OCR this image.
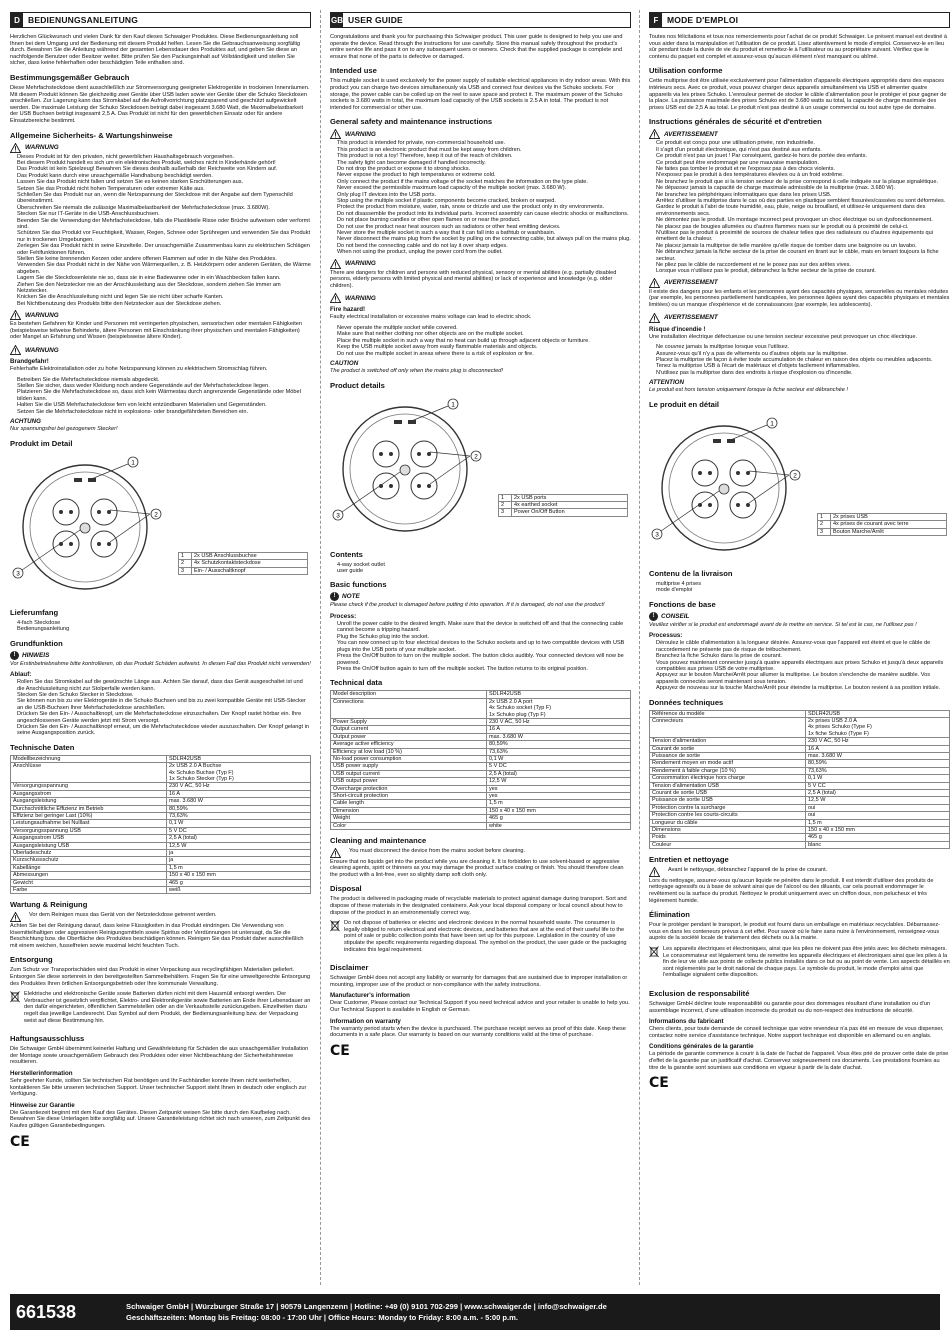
D BEDIENUNGSANLEITUNG

Herzlichen Glückwunsch und vielen Dank für den Kauf dieses Schwaiger Produktes. Diese Bedienungsanleitung soll Ihnen bei dem Umgang und der Bedienung mit diesem Produkt helfen. Lesen Sie die Gebrauchsanweisung sorgfältig durch. Bewahren Sie die Anleitung während der gesamten Lebensdauer des Produktes auf, und geben Sie diese an nachfolgende Benutzer oder Besitzer weiter. Bitte prüfen Sie den Packungsinhalt auf Vollständigkeit und stellen Sie sicher, dass keine fehlerhaften oder beschädigten Teile enthalten sind.

Bestimmungsgemäßer Gebrauch

Diese Mehrfachsteckdose dient ausschließlich zur Stromversorgung geeigneter Elektrogeräte in trockenen Innenräumen. Mit diesem Produkt können Sie gleichzeitig zwei Geräte über USB laden sowie vier Geräte über die Schuko Steckdosen anschließen. Zur Lagerung kann das Stromkabel auf die Aufrollvorrichtung platzsparend und geschützt aufgewickelt werden. Die maximale Leistung der Schuko Steckdosen beträgt dabei insgesamt 3.680 Watt, die Maximalbelastbarkeit der USB Buchsen beträgt insgesamt 2,5 A. Das Produkt ist nicht für den gewerblichen Einsatz oder für andere Einsatzbereiche bestimmt.

Allgemeine Sicherheits- & Wartungshinweise
WARNUNG
• Dieses Produkt ist für den privaten, nicht gewerblichen Haushaltsgebrauch vorgesehen.
• Bei diesem Produkt handelt es sich um ein elektronisches Produkt, welches nicht in Kinderhände gehört!
• Das Produkt ist kein Spielzeug! Bewahren Sie dieses deshalb außerhalb der Reichweite von Kindern auf.
• Das Produkt kann durch eine unsachgemäße Handhabung beschädigt werden.
• Lassen Sie das Produkt nicht fallen und setzen Sie es keinen starken Erschütterungen aus.
• Setzen Sie das Produkt nicht hohen Temperaturen oder extremer Kälte aus.
• Schließen Sie das Produkt nur an, wenn die Netzspannung der Steckdose mit der Angabe auf dem Typenschild übereinstimmt.
• Überschreiten Sie niemals die zulässige Maximalbelastbarkeit der Mehrfachsteckdose (max. 3.680W).
• Stecken Sie nur IT-Geräte in die USB-Anschlussbuchsen.
• Beenden Sie die Verwendung der Mehrfachsteckdose, falls die Plastikteile Risse oder Brüche aufweisen oder verformt sind.
• Schützen Sie das Produkt vor Feuchtigkeit, Wasser, Regen, Schnee oder Sprühregen und verwenden Sie das Produkt nur in trockenen Umgebungen.
• Zerlegen Sie das Produkt nicht in seine Einzelteile. Der unsachgemäße Zusammenbau kann zu elektrischen Schlägen oder Fehlfunktionen führen.
• Stellen Sie keine brennenden Kerzen oder andere offenen Flammen auf oder in die Nähe des Produktes.
• Verwenden Sie das Produkt nicht in der Nähe von Wärmequellen, z. B. Heizkörpern oder anderen Geräten, die Wärme abgeben.
• Lagern Sie die Steckdosenleiste nie so, dass sie in eine Badewanne oder in ein Waschbecken fallen kann.
• Ziehen Sie den Netzstecker nie an der Anschlussleitung aus der Steckdose, sondern ziehen Sie immer am Netzstecker.
• Knicken Sie die Anschlussleitung nicht und legen Sie sie nicht über scharfe Kanten.
• Bei Nichtbenutzung des Produkts bitte den Netzstecker aus der Steckdose ziehen.
WARNUNG

Es bestehen Gefahren für Kinder und Personen mit verringerten physischen, sensorischen oder mentalen Fähigkeiten (beispielsweise teilweise Behinderte, ältere Personen mit Einschränkung ihrer physischen und mentalen Fähigkeiten) oder Mangel an Erfahrung und Wissen (beispielsweise ältere Kinder).

WARNUNG
Brandgefahr!

Fehlerhafte Elektroinstallation oder zu hohe Netzspannung können zu elektrischem Stromschlag führen.

• Betreiben Sie die Mehrfachsteckdose niemals abgedeckt.
• Stellen Sie sicher, dass weder Kleidung noch andere Gegenstände auf der Mehrfachsteckdose liegen.
• Platzieren Sie die Mehrfachsteckdose so, dass sich kein Wärmestau durch angrenzende Gegenstände oder Möbel bilden kann.
• Halten Sie die USB Mehrfachsteckdose fern von leicht entzündbaren Materialien und Gegenständen.
• Setzen Sie die Mehrfachsteckdose nicht in explosions- oder brandgefährdeten Bereichen ein.
ACHTUNG

Nur spannungsfrei bei gezogenem Stecker!

Produkt im Detail
1
2
3
1	2x USB Anschlussbuchse
2	4x Schutzkontaktsteckdose
3	Ein- / Ausschaltknopf
Lieferumfang
• 4-fach Steckdose
• Bedienungsanleitung
Grundfunktion
!	HINWEIS

Vor Erstinbetriebnahme bitte kontrollieren, ob das Produkt Schäden aufweist. In diesen Fall das Produkt nicht verwenden!

Ablauf:
• Rollen Sie das Stromkabel auf die gewünschte Länge aus. Achten Sie darauf, dass das Gerät ausgeschaltet ist und die Anschlussleitung nicht zur Stolperfalle werden kann.
• Stecken Sie den Schuko Stecker in Steckdose.
• Sie können nun bis zu vier Elektrogeräte in die Schuko Buchsen und bis zu zwei kompatible Geräte mit USB-Stecker an die USB-Buchsen Ihrer Mehrfachsteckdose anschließen.
• Drücken Sie den Ein- / Ausschaltknopf, um die Mehrfachsteckdose einzuschalten. Der Knopf rastet hörbar ein. Ihre angeschlossenen Geräte werden jetzt mit Strom versorgt.
• Drücken Sie den Ein- / Ausschaltknopf erneut, um die Mehrfachsteckdose wieder auszuschalten. Der Knopf gelangt in seine Ausgangsposition zurück.
Technische Daten
Modellbezeichnung	SDLR42USB
Anschlüsse	2x USB 2.0 A Buchse
4x Schuko Buchse (Typ F)
1x Schuko Stecker (Typ F)
Versorgungsspannung	230 V AC, 50 Hz
Ausgangsstrom	16 A
Ausgangsleistung	max. 3.680 W
Durchschnittliche Effizienz im Betrieb	80,59%
Effizienz bei geringer Last (10%)	73,63%
Leistungsaufnahme bei Nulllast	0,1 W
Versorgungsspannung USB	5 V DC
Ausgangsstrom USB	2,5 A (total)
Ausgangsleistung USB	12,5 W
Überladeschutz	ja
Kurzschlussschutz	ja
Kabellänge	1,5 m
Abmessungen	150 x 40 x 150 mm
Gewicht	465 g
Farbe	weiß
Wartung & Reinigung

Vor dem Reinigen muss das Gerät von der Netzsteckdose getrennt werden.

Achten Sie bei der Reinigung darauf, dass keine Flüssigkeiten in das Produkt eindringen. Die Verwendung von lösemittelhaltigen oder aggressiven Reinigungsmitteln sowie Spiritus oder Verdünnungen ist untersagt, da Sie die Beschichtung bzw. die Oberfläche des Produktes beschädigen können. Reinigen Sie das Produkt daher ausschließlich mit einem weichen, fusselfreien sowie maximal leicht feuchten Tuch.

Entsorgung

Zum Schutz vor Transportschäden wird das Produkt in einer Verpackung aus recyclingfähigen Materialien geliefert. Entsorgen Sie diese sortenrein in den bereitgestellten Sammelbehältern. Fragen Sie für eine umweltgerechte Entsorgung des Produktes Ihren örtlichen Entsorgungsbetrieb oder Ihre kommunale Verwaltung.

Elektrische und elektronische Geräte sowie Batterien dürfen nicht mit dem Hausmüll entsorgt werden. Der Verbraucher ist gesetzlich verpflichtet, Elektro- und Elektronikgeräte sowie Batterien am Ende ihrer Lebensdauer an den dafür eingerichteten, öffentlichen Sammelstellen oder an die Verkaufsstelle zurückzugeben. Einzelheiten dazu regelt das jeweilige Landesrecht. Das Symbol auf dem Produkt, der Bedienungsanleitung bzw. der Verpackung weist auf diese Bestimmung hin.

Haftungsausschluss

Die Schwaiger GmbH übernimmt keinerlei Haftung und Gewährleistung für Schäden die aus unsachgemäßer Installation der Montage sowie unsachgemäßem Gebrauch des Produktes oder einer Nichtbeachtung der Sicherheitshinweise resultieren.

Herstellerinformation

Sehr geehrter Kunde, sollten Sie technischen Rat benötigen und Ihr Fachhändler konnte Ihnen nicht weiterhelfen, kontaktieren Sie bitte unseren technischen Support. Unser technischer Support steht Ihnen in deutsch oder englisch zur Verfügung.

Hinweise zur Garantie

Die Garantiezeit beginnt mit dem Kauf des Gerätes. Diesen Zeitpunkt weisen Sie bitte durch den Kaufbeleg nach. Bewahren Sie diese Unterlagen bitte sorgfältig auf. Unsere Garantieleistung richtet sich nach unseren, zum Zeitpunkt des Kaufes gültigen Garantiebedingungen.

CE
GB USER GUIDE

Congratulations and thank you for purchasing this Schwaiger product. This user guide is designed to help you use and operate the device. Read through the instructions for use carefully. Store this manual safely throughout the product's entire service life and pass it on to any subsequent users or owners. Check that the supplied package is complete and ensure that none of the parts is defective or damaged.

Intended use

This multiple socket is used exclusively for the power supply of suitable electrical appliances in dry indoor areas. With this product you can charge two devices simultaneously via USB and connect four devices via the Schuko sockets. For storage, the power cable can be coiled up on the reel to save space and protect it. The maximum power of the Schuko sockets is 3.680 watts in total, the maximum load capacity of the USB sockets is 2.5 A in total. The product is not intended for commercial or other use.

General safety and maintenance instructions
WARNING
• This product is intended for private, non-commercial household use.
• This product is an electronic product that must be kept away from children.
• This product is not a toy! Therefore, keep it out of the reach of children.
• The safety light can become damaged if handled incorrectly.
• Do not drop the product or expose it to strong shocks.
• Never expose the product to high temperatures or extreme cold.
• Only connect the product if the mains voltage of the socket matches the information on the type plate.
• Never exceed the permissible maximum load capacity of the multiple socket (max. 3.680 W).
• Only plug IT devices into the USB ports.
• Stop using the multiple socket if plastic components become cracked, broken or warped.
• Protect the product from moisture, water, rain, snow or drizzle and use the product only in dry environments.
• Do not disassemble the product into its individual parts. Incorrect assembly can cause electric shocks or malfunctions.
• Do not place burning candles or other open flames on or near the product.
• Do not use the product near heat sources such as radiators or other heat emitting devices.
• Never store the multiple socket in such a way that it can fall into a bathtub or washbasin.
• Never disconnect the mains plug from the socket by pulling on the connecting cable, but always pull on the mains plug.
• Do not bend the connecting cable and do not lay it over sharp edges.
• When not using the product, unplug the power cord from the outlet.
WARNING

There are dangers for children and persons with reduced physical, sensory or mental abilities (e.g. partially disabled persons, elderly persons with limited physical and mental abilities) or lack of experience and knowledge (e.g. older children).

WARNING
Fire hazard!

Faulty electrical installation or excessive mains voltage can lead to electric shock.

• Never operate the multiple socket while covered.
• Make sure that neither clothing nor other objects are on the multiple socket.
• Place the multiple socket in such a way that no heat can build up through adjacent objects or furniture.
• Keep the USB multiple socket away from easily flammable materials and objects.
• Do not use the multiple socket in areas where there is a risk of explosion or fire.
CAUTION

The product is switched off only when the mains plug is disconnected!

Product details
1
2
3
1	2x USB ports
2	4x earthed socket
3	Power On/Off Button
Contents
• 4-way socket outlet
• user guide
Basic functions
!	NOTE

Please check if the product is damaged before putting it into operation. If it is damaged, do not use the product!

Process:
• Unroll the power cable to the desired length. Make sure that the device is switched off and that the connecting cable cannot become a tripping hazard.
• Plug the Schuko plug into the socket.
• You can now connect up to four electrical devices to the Schuko sockets and up to two compatible devices with USB plugs into the USB ports of your multiple socket.
• Press the On/Off button to turn on the multiple socket. The button clicks audibly. Your connected devices will now be powered.
• Press the On/Off button again to turn off the multiple socket. The button returns to its original position.
Technical data
Model description	SDLR42USB
Connections	2x USB 2.0 A port
4x Schuko socket (Typ F)
1x Schuko plug (Typ F)
Power Supply	230 V AC, 50 Hz
Output current	16 A
Output power	max. 3.680 W
Average active efficiency	80,59%
Efficiency at low load (10 %)	73,63%
No-load power consumption	0,1 W
USB power supply	5 V DC
USB output current	2,5 A (total)
USB output power	12,5 W
Overcharge protection	yes
Short-circuit protection	yes
Cable length	1,5 m
Dimension	150 x 40 x 150 mm
Weight	465 g
Color	white
Cleaning and maintenance

You must disconnect the device from the mains socket before cleaning.

Ensure that no liquids get into the product while you are cleaning it. It is forbidden to use solvent-based or aggressive cleaning agents, spirit or thinners as you may damage the product surface coating or finish. You should therefore clean the product with a lint-free, ever so slightly damp soft cloth only.

Disposal

The product is delivered in packaging made of recyclable materials to protect against damage during transport. Sort and dispose of these materials in the designated containers. Ask your local disposal company or local council about how to dispose of the product in an environmentally correct way.

Do not dispose of batteries or electric and electronic devices in the normal household waste. The consumer is legally obliged to return electrical and electronic devices, and batteries that are at the end of their useful life to the point of sale or public collection points that have been set up for this purpose. Legislation in the country of use stipulate the specific requirements regarding disposal. The symbol on the product, the user guide or the packaging indicates this legal requirement.

Disclaimer

Schwaiger GmbH does not accept any liability or warranty for damages that are sustained due to improper installation or mounting, improper use of the product or non-compliance with the safety instructions.

Manufacturer's information

Dear Customer, Please contact our Technical Support if you need technical advice and your retailer is unable to help you. Our Technical Support is available in English or German.

Information on warranty

The warranty period starts when the device is purchased. The purchase receipt serves as proof of this date. Keep these documents in a safe place. Our warranty is based on our warranty conditions valid at the time of purchase.

CE
F	MODE D'EMPLOI

Toutes nos félicitations et tous nos remerciements pour l'achat de ce produit Schwaiger. Le présent manuel est destiné à vous aider dans la manipulation et l'utilisation de ce produit. Lisez attentivement le mode d'emploi. Conservez-le en lieu sûr pendant toute la durée de vie du produit et remettez-le à l'utilisateur ou au propriétaire suivant. Vérifiez que le contenu du paquet est complet et assurez-vous qu'aucun élément n'est manquant ou abîmé.

Utilisation conforme

Cette multiprise doit être utilisée exclusivement pour l'alimentation d'appareils électriques appropriés dans des espaces intérieurs secs. Avec ce produit, vous pouvez charger deux appareils simultanément via USB et alimenter quatre appareils via les prises Schuko. L'enrouleur permet de stocker le câble d'alimentation pour le protéger et pour gagner de la place. La puissance maximale des prises Schuko est de 3.680 watts au total, la capacité de charge maximale des prises USB est de 2,5 A au total. Le produit n'est pas destiné à un usage commercial ou tout autre type de domaine.

Instructions générales de sécurité et d'entretien
AVERTISSEMENT
• Ce produit est conçu pour une utilisation privée, non industrielle.
• Il s'agit d'un produit électronique, qui n'est pas destiné aux enfants.
• Ce produit n'est pas un jouet ! Par conséquent, gardez-le hors de portée des enfants.
• Ce produit peut être endommagé par une mauvaise manipulation.
• Ne faites pas tomber le produit et ne l'exposez pas à des chocs violents.
• N'exposez pas le produit à des températures élevées ou à un froid extrême.
• Ne branchez le produit que si la tension secteur de la prise correspond à celle indiquée sur la plaque signalétique.
• Ne dépassez jamais la capacité de charge maximale admissible de la multiprise (max. 3.680 W).
• Ne branchez les périphériques informatiques que dans les prises USB.
• Arrêtez d'utiliser la multiprise dans le cas où des parties en plastique semblent fissurées/cassées ou sont déformées.
• Gardez le produit à l'abri de toute humidité, eau, pluie, neige ou brouillard, et utilisez-le uniquement dans des environnements secs.
• Ne démontez pas le produit. Un montage incorrect peut provoquer un choc électrique ou un dysfonctionnement.
• Ne placez pas de bougies allumées ou d'autres flammes nues sur le produit ou à proximité de celui-ci.
• N'utilisez pas le produit à proximité de sources de chaleur telles que des radiateurs ou d'autres équipements qui émettent de la chaleur.
• Ne placez jamais la multiprise de telle manière qu'elle risque de tomber dans une baignoire ou un lavabo.
• Ne débranchez jamais la fiche secteur de la prise de courant en tirant sur le câble, mais en tenant toujours la fiche secteur.
• Ne pliez pas le câble de raccordement et ne le posez pas sur des arêtes vives.
• Lorsque vous n'utilisez pas le produit, débranchez la fiche secteur de la prise de courant.
AVERTISSEMENT

Il existe des dangers pour les enfants et les personnes ayant des capacités physiques, sensorielles ou mentales réduites (par exemple, les personnes partiellement handicapées, les personnes âgées ayant des capacités physiques et mentales limitées) ou un manque d'expérience et de connaissances (par exemple, les adolescents).

AVERTISSEMENT
Risque d'incendie !

Une installation électrique défectueuse ou une tension secteur excessive peut provoquer un choc électrique.

• Ne couvrez jamais la multiprise lorsque vous l'utilisez.
• Assurez-vous qu'il n'y a pas de vêtements ou d'autres objets sur la multiprise.
• Placez la multiprise de façon à éviter toute accumulation de chaleur en raison des objets ou meubles adjacents.
• Tenez la multiprise USB à l'écart de matériaux et d'objets facilement inflammables.
• N'utilisez pas la multiprise dans des endroits à risque d'explosion ou d'incendie.
ATTENTION

Le produit est hors tension uniquement lorsque la fiche secteur est débranchée !

Le produit en détail
1
2
3
1	2x prises USB
2	4x prises de courant avec terre
3	Bouton Marche/Arrêt
Contenu de la livraison
• multiprise 4 prises
• mode d'emploi
Fonctions de base
!	CONSEIL

Veuillez vérifier si le produit est endommagé avant de le mettre en service. Si tel est le cas, ne l'utilisez pas !

Processus:
• Déroulez le câble d'alimentation à la longueur désirée. Assurez-vous que l'appareil est éteint et que le câble de raccordement ne présente pas de risque de trébuchement.
• Branchez la fiche Schuko dans la prise de courant.
• Vous pouvez maintenant connecter jusqu'à quatre appareils électriques aux prises Schuko et jusqu'à deux appareils compatibles aux prises USB de votre multiprise.
• Appuyez sur le bouton Marche/Arrêt pour allumer la multiprise. Le bouton s'enclenche de manière audible. Vos appareils connectés seront maintenant sous tension.
• Appuyez de nouveau sur la touche Marche/Arrêt pour éteindre la multiprise. Le bouton revient à sa position initiale.
Données techniques
Référence du modèle	SDLR42USB
Connecteurs	2x prises USB 2.0 A
4x prises Schuko (Type F)
1x fiche Schuko (Type F)
Tension d'alimentation	230 V AC, 50 Hz
Courant de sortie	16 A
Puissance de sortie	max. 3.680 W
Rendement moyen en mode actif	80,59%
Rendement à faible charge (10 %)	73,63%
Consommation électrique hors charge	0,1 W
Tension d'alimentation USB	5 V CC
Courant de sortie USB	2,5 A (total)
Puissance de sortie USB	12,5 W
Protection contre la surcharge	oui
Protection contre les courts-circuits	oui
Longueur du câble	1,5 m
Dimensions	150 x 40 x 150 mm
Poids	465 g
Couleur	blanc
Entretien et nettoyage

Avant le nettoyage, débranchez l'appareil de la prise de courant.

Lors du nettoyage, assurez-vous qu'aucun liquide ne pénètre dans le produit. Il est interdit d'utiliser des produits de nettoyage agressifs ou à base de solvant ainsi que de l'alcool ou des diluants, car cela pourrait endommager le revêtement ou la surface du produit. Nettoyez le produit uniquement avec un chiffon doux, non pelucheux et très légèrement humide.

Élimination

Pour le protéger pendant le transport, le produit est fourni dans un emballage en matériaux recyclables. Débarrassez-vous en dans les conteneurs prévus à cet effet. Pour savoir où le faire sans nuire à l'environnement, renseignez-vous auprès de la société locale de traitement des déchets ou à la mairie.

Les appareils électriques et électroniques, ainsi que les piles ne doivent pas être jetés avec les déchets ménagers. Le consommateur est légalement tenu de remettre les appareils électriques et électroniques ainsi que les piles à la fin de leur vie utile aux points de collecte publics installés dans ce but ou au point de vente. Les aspects détaillés en sont réglementés par le droit national de chaque pays. Le symbole du produit, le mode d'emploi ainsi que l'emballage signalent cette disposition.

Exclusion de responsabilité

Schwaiger GmbH décline toute responsabilité ou garantie pour des dommages résultant d'une installation ou d'un assemblage incorrect, d'une utilisation incorrecte du produit ou du non-respect des instructions de sécurité.

Informations du fabricant

Chers clients, pour toute demande de conseil technique que votre revendeur n'a pas été en mesure de vous dispenser, contactez notre service d'assistance technique. Notre support technique est disponible en allemand ou en anglais.

Conditions générales de la garantie

La période de garantie commence à courir à la date de l'achat de l'appareil. Vous êtes prié de prouver cette date de prise d'effet de la garantie par un justificatif d'achat. Conservez soigneusement ces documents. Les prestations fournies au titre de la garantie sont soumises aux conditions en vigueur à partir de la date d'achat.

CE
661538	Schwaiger GmbH | Würzburger Straße 17 | 90579 Langenzenn | Hotline: +49 (0) 9101 702-299 | www.schwaiger.de | info@schwaiger.de
Geschäftszeiten: Montag bis Freitag: 08:00 - 17:00 Uhr | Office Hours: Monday to Friday: 8:00 a.m. - 5:00 p.m.
